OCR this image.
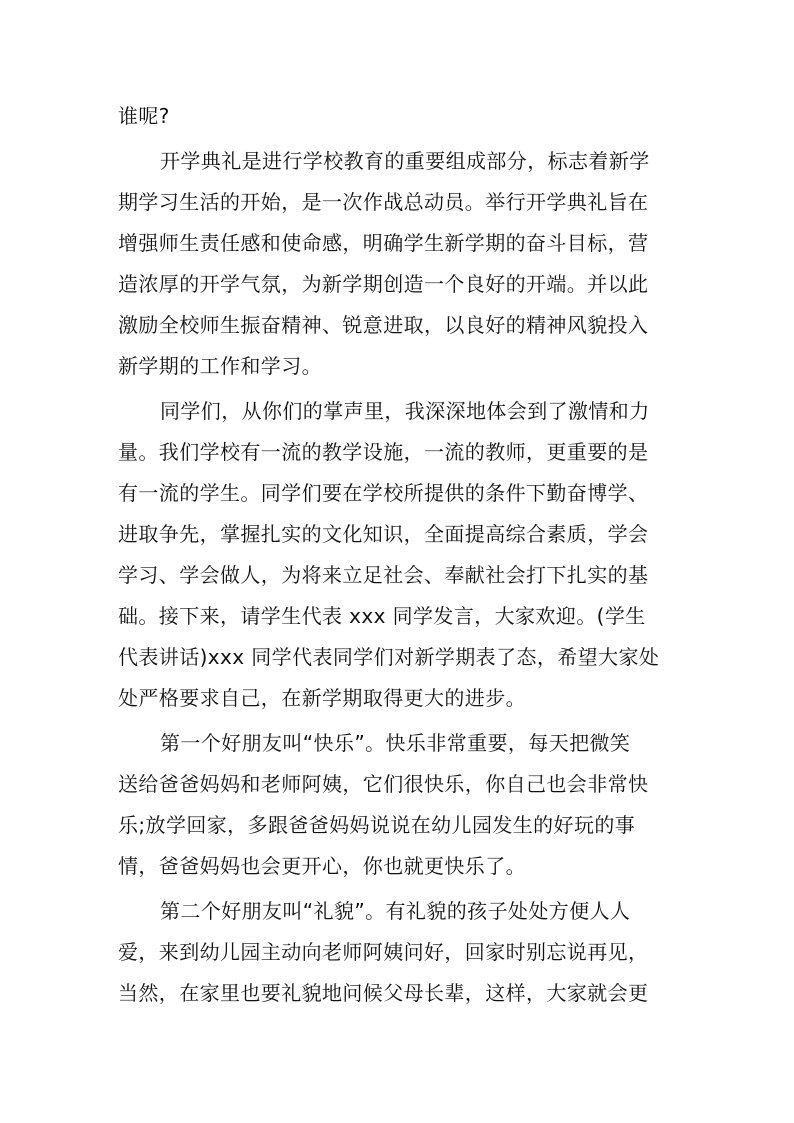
谁呢?
开学典礼是进行学校教育的重要组成部分，标志着新学
期学习生活的开始，是一次作战总动员。举行开学典礼旨在
增强师生责任感和使命感，明确学生新学期的奋斗目标，营
造浓厚的开学气氛，为新学期创造一个良好的开端。并以此
激励全校师生振奋精神、锐意进取，以良好的精神风貌投入
新学期的工作和学习。
同学们，从你们的掌声里，我深深地体会到了激情和力
量。我们学校有一流的教学设施，一流的教师，更重要的是
有一流的学生。同学们要在学校所提供的条件下勤奋博学、
进取争先，掌握扎实的文化知识，全面提高综合素质，学会
学习、学会做人，为将来立足社会、奉献社会打下扎实的基
础。接下来，请学生代表 xxx 同学发言，大家欢迎。(学生
代表讲话)xxx 同学代表同学们对新学期表了态，希望大家处
处严格要求自己，在新学期取得更大的进步。
第一个好朋友叫“快乐”。快乐非常重要，每天把微笑
送给爸爸妈妈和老师阿姨，它们很快乐，你自己也会非常快
乐;放学回家，多跟爸爸妈妈说说在幼儿园发生的好玩的事
情，爸爸妈妈也会更开心，你也就更快乐了。
第二个好朋友叫“礼貌”。有礼貌的孩子处处方便人人
爱，来到幼儿园主动向老师阿姨问好，回家时别忘说再见，
当然，在家里也要礼貌地问候父母长辈，这样，大家就会更
